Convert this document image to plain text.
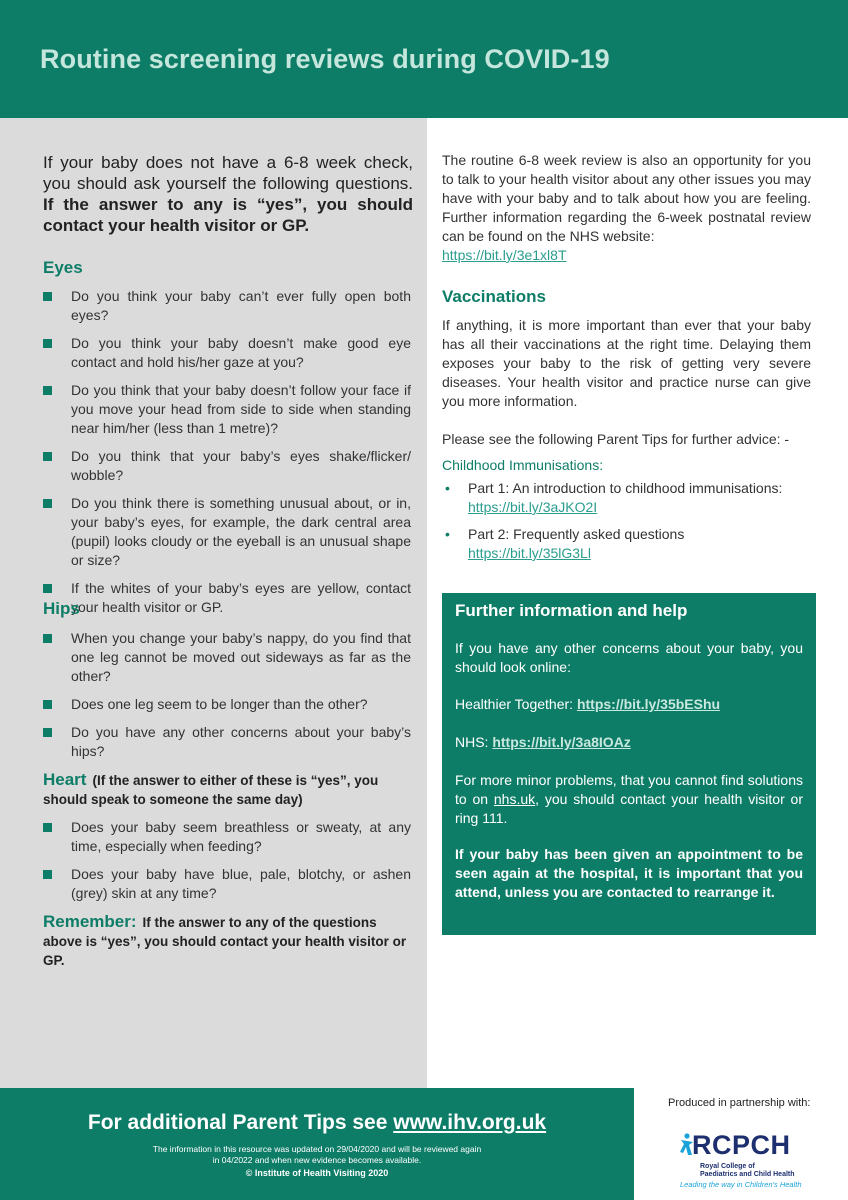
Routine screening reviews during COVID-19

If your baby does not have a 6-8 week check, you should ask yourself the following questions. If the answer to any is “yes”, you should contact your health visitor or GP.

Eyes
Do you think your baby can’t ever fully open both eyes?
Do you think your baby doesn’t make good eye contact and hold his/her gaze at you?
Do you think that your baby doesn’t follow your face if you move your head from side to side when standing near him/her (less than 1 metre)?
Do you think that your baby’s eyes shake/flicker/ wobble?
Do you think there is something unusual about, or in, your baby’s eyes, for example, the dark central area (pupil) looks cloudy or the eyeball is an unusual shape or size?
If the whites of your baby’s eyes are yellow, contact your health visitor or GP.
Hips
When you change your baby’s nappy, do you find that one leg cannot be moved out sideways as far as the other?
Does one leg seem to be longer than the other?
Do you have any other concerns about your baby’s hips?

Heart (If the answer to either of these is “yes”, you should speak to someone the same day)

Does your baby seem breathless or sweaty, at any time, especially when feeding?
Does your baby have blue, pale, blotchy, or ashen (grey) skin at any time?

Remember: If the answer to any of the questions above is “yes”, you should contact your health visitor or GP.

The routine 6-8 week review is also an opportunity for you to talk to your health visitor about any other issues you may have with your baby and to talk about how you are feeling. Further information regarding the 6-week postnatal review can be found on the NHS website:
https://bit.ly/3e1xl8T

Vaccinations

If anything, it is more important than ever that your baby has all their vaccinations at the right time. Delaying them exposes your baby to the risk of getting very severe diseases. Your health visitor and practice nurse can give you more information.

Please see the following Parent Tips for further advice: -

Childhood Immunisations:
• Part 1: An introduction to childhood immunisations:
https://bit.ly/3aJKO2I
• Part 2: Frequently asked questions
https://bit.ly/35lG3Ll
Further information and help

If you have any other concerns about your baby, you should look online:

Healthier Together: https://bit.ly/35bEShu

NHS: https://bit.ly/3a8IOAz

For more minor problems, that you cannot find solutions to on nhs.uk, you should contact your health visitor or ring 111.

If your baby has been given an appointment to be seen again at the hospital, it is important that you attend, unless you are contacted to rearrange it.

For additional Parent Tips see www.ihv.org.uk
The information in this resource was updated on 29/04/2020 and will be reviewed again
in 04/2022 and when new evidence becomes available.
© Institute of Health Visiting 2020
Produced in partnership with:
RCPCH
Royal College of
Paediatrics and Child Health
Leading the way in Children's Health
